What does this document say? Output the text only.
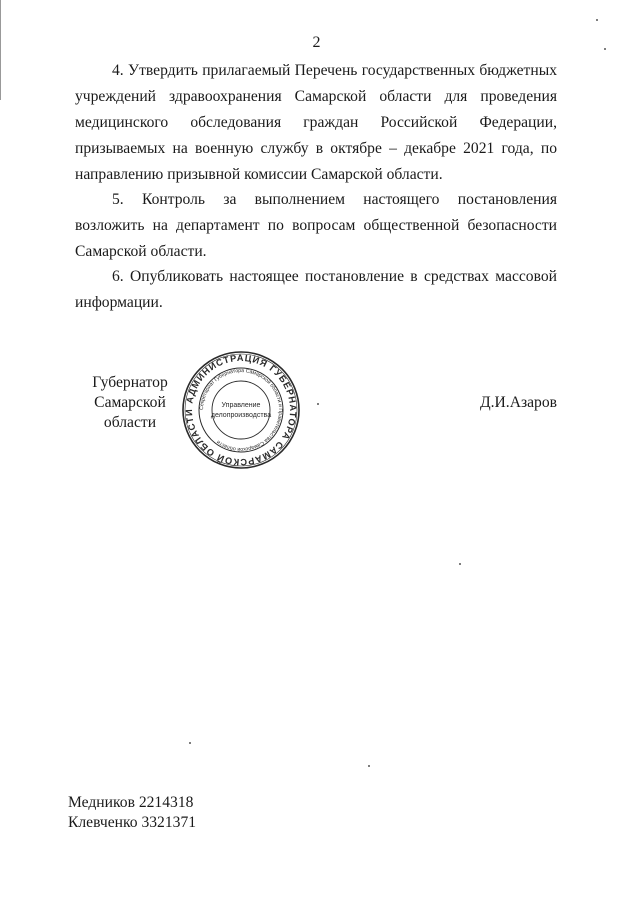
2

4. Утвердить прилагаемый Перечень государственных бюджетных учреждений здравоохранения Самарской области для проведения медицинского обследования граждан Российской Федерации, призываемых на военную службу в октябре – декабре 2021 года, по направлению призывной комиссии Самарской области.

5. Контроль за выполнением настоящего постановления возложить на департамент по вопросам общественной безопасности Самарской области.

6. Опубликовать настоящее постановление в средствах массовой информации.

Губернатор
Самарской области
АДМИНИСТРАЦИЯ ГУБЕРНАТОРА САМАРСКОЙ ОБЛАСТИ
Секретариат Губернатора Самарской области и Правительства Самарской области
Управление
делопроизводства
Д.И.Азаров
Медников 2214318
Клевченко 3321371
